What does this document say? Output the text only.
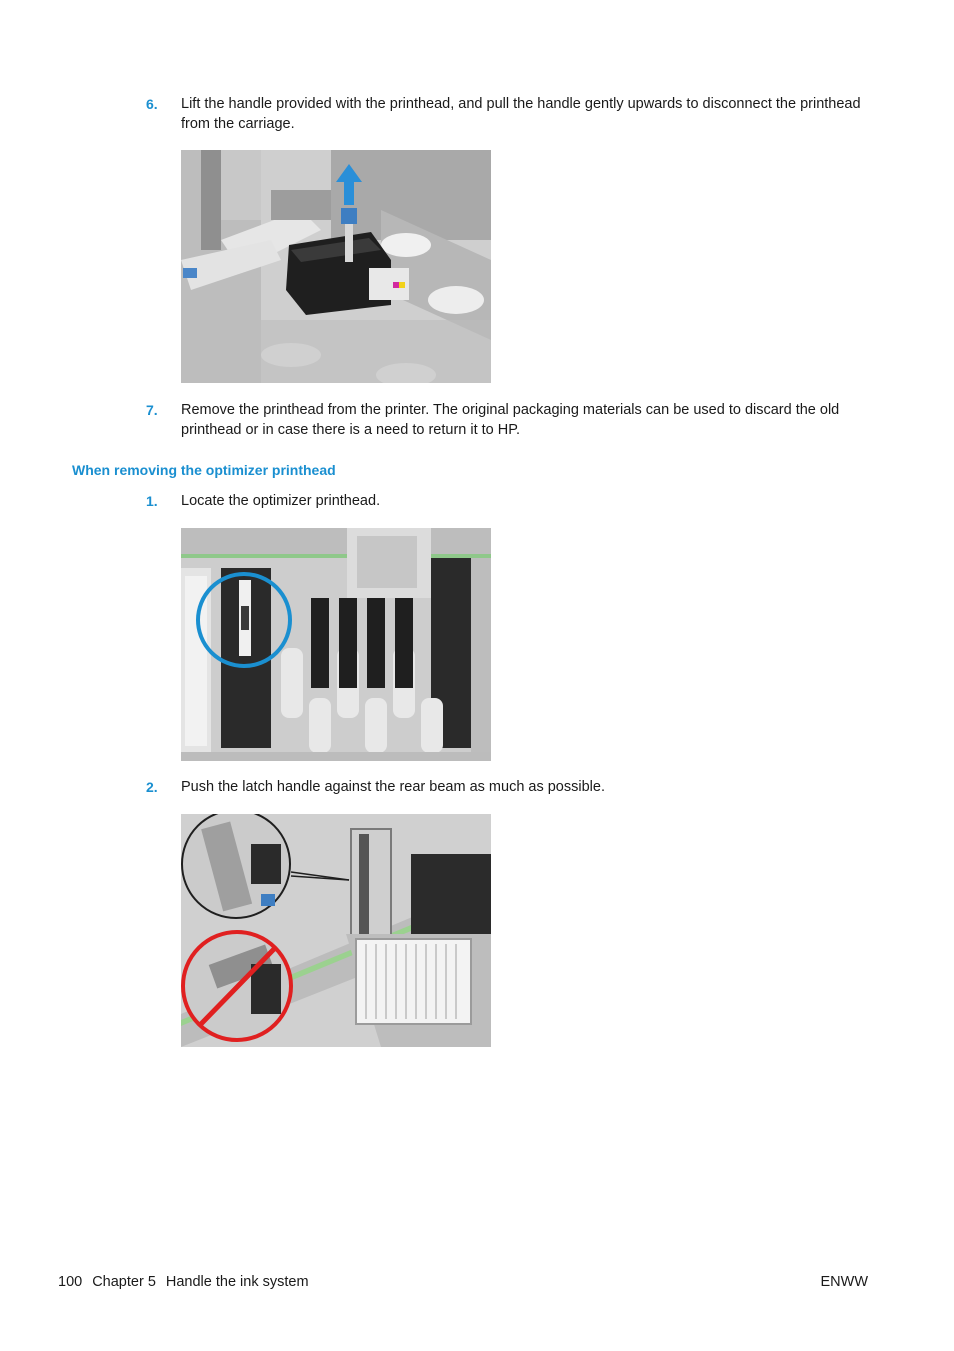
6. Lift the handle provided with the printhead, and pull the handle gently upwards to disconnect the printhead from the carriage.
7. Remove the printhead from the printer. The original packaging materials can be used to discard the old printhead or in case there is a need to return it to HP.
When removing the optimizer printhead
1. Locate the optimizer printhead.
2. Push the latch handle against the rear beam as much as possible.
100 Chapter 5 Handle the ink system	ENWW
